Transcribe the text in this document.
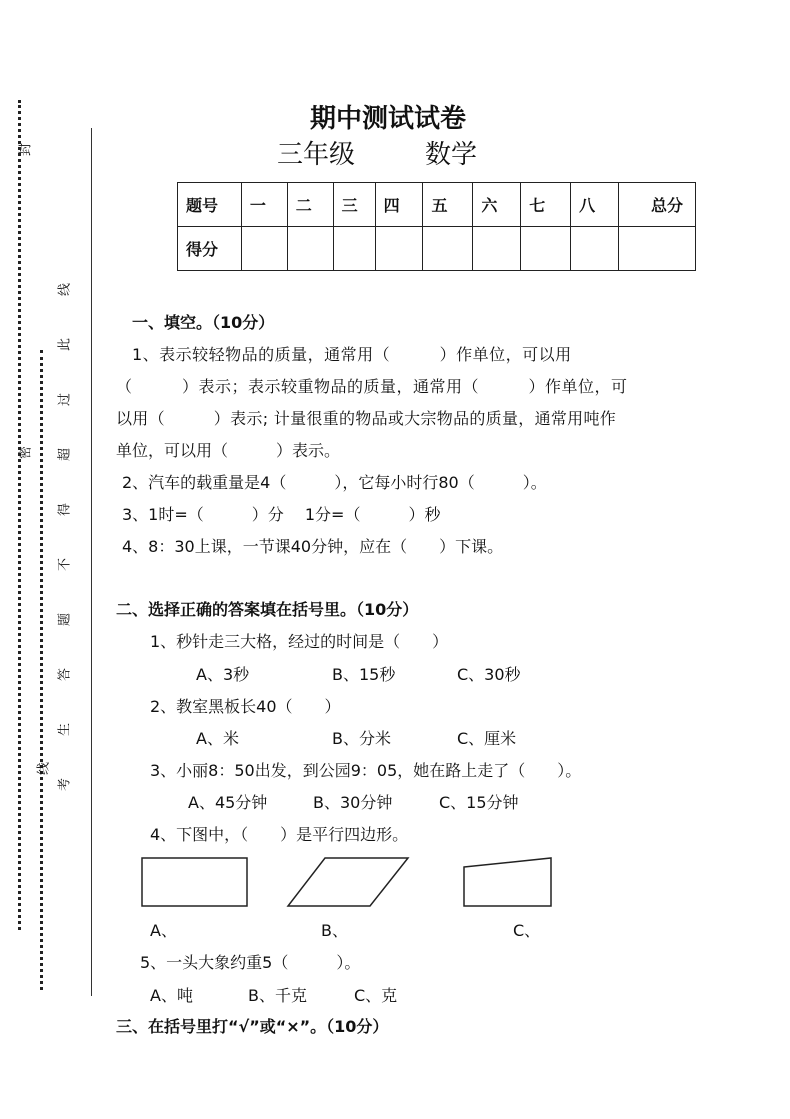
封
密
线
线
此
过
超
得
不
题
答
生
考
期中测试试卷
三年级	数学
题号	一	二	三	四	五	六	七	八	总分
得分									
一、填空。（10分）
1、表示较轻物品的质量，通常用（　　　）作单位，可以用
（　　　）表示；表示较重物品的质量，通常用（　　　）作单位，可
以用（　　　）表示; 计量很重的物品或大宗物品的质量，通常用吨作
单位，可以用（　　　）表示。
2、汽车的载重量是4（　　　），它每小时行80（　　　）。
3、1时=（　　　）分　 1分=（　　　）秒
4、8：30上课，一节课40分钟，应在（　　）下课。
二、选择正确的答案填在括号里。（10分）
1、秒针走三大格，经过的时间是（　　）
A、3秒	B、15秒	C、30秒
2、教室黑板长40（　　）
A、米	B、分米	C、厘米
3、小丽8：50出发，到公园9：05，她在路上走了（　　）。
A、45分钟	B、30分钟	C、15分钟
4、下图中，（　　）是平行四边形。
A、	B、	C、
5、一头大象约重5（　　　）。
A、吨	B、千克	C、克
三、在括号里打“√”或“×”。（10分）
